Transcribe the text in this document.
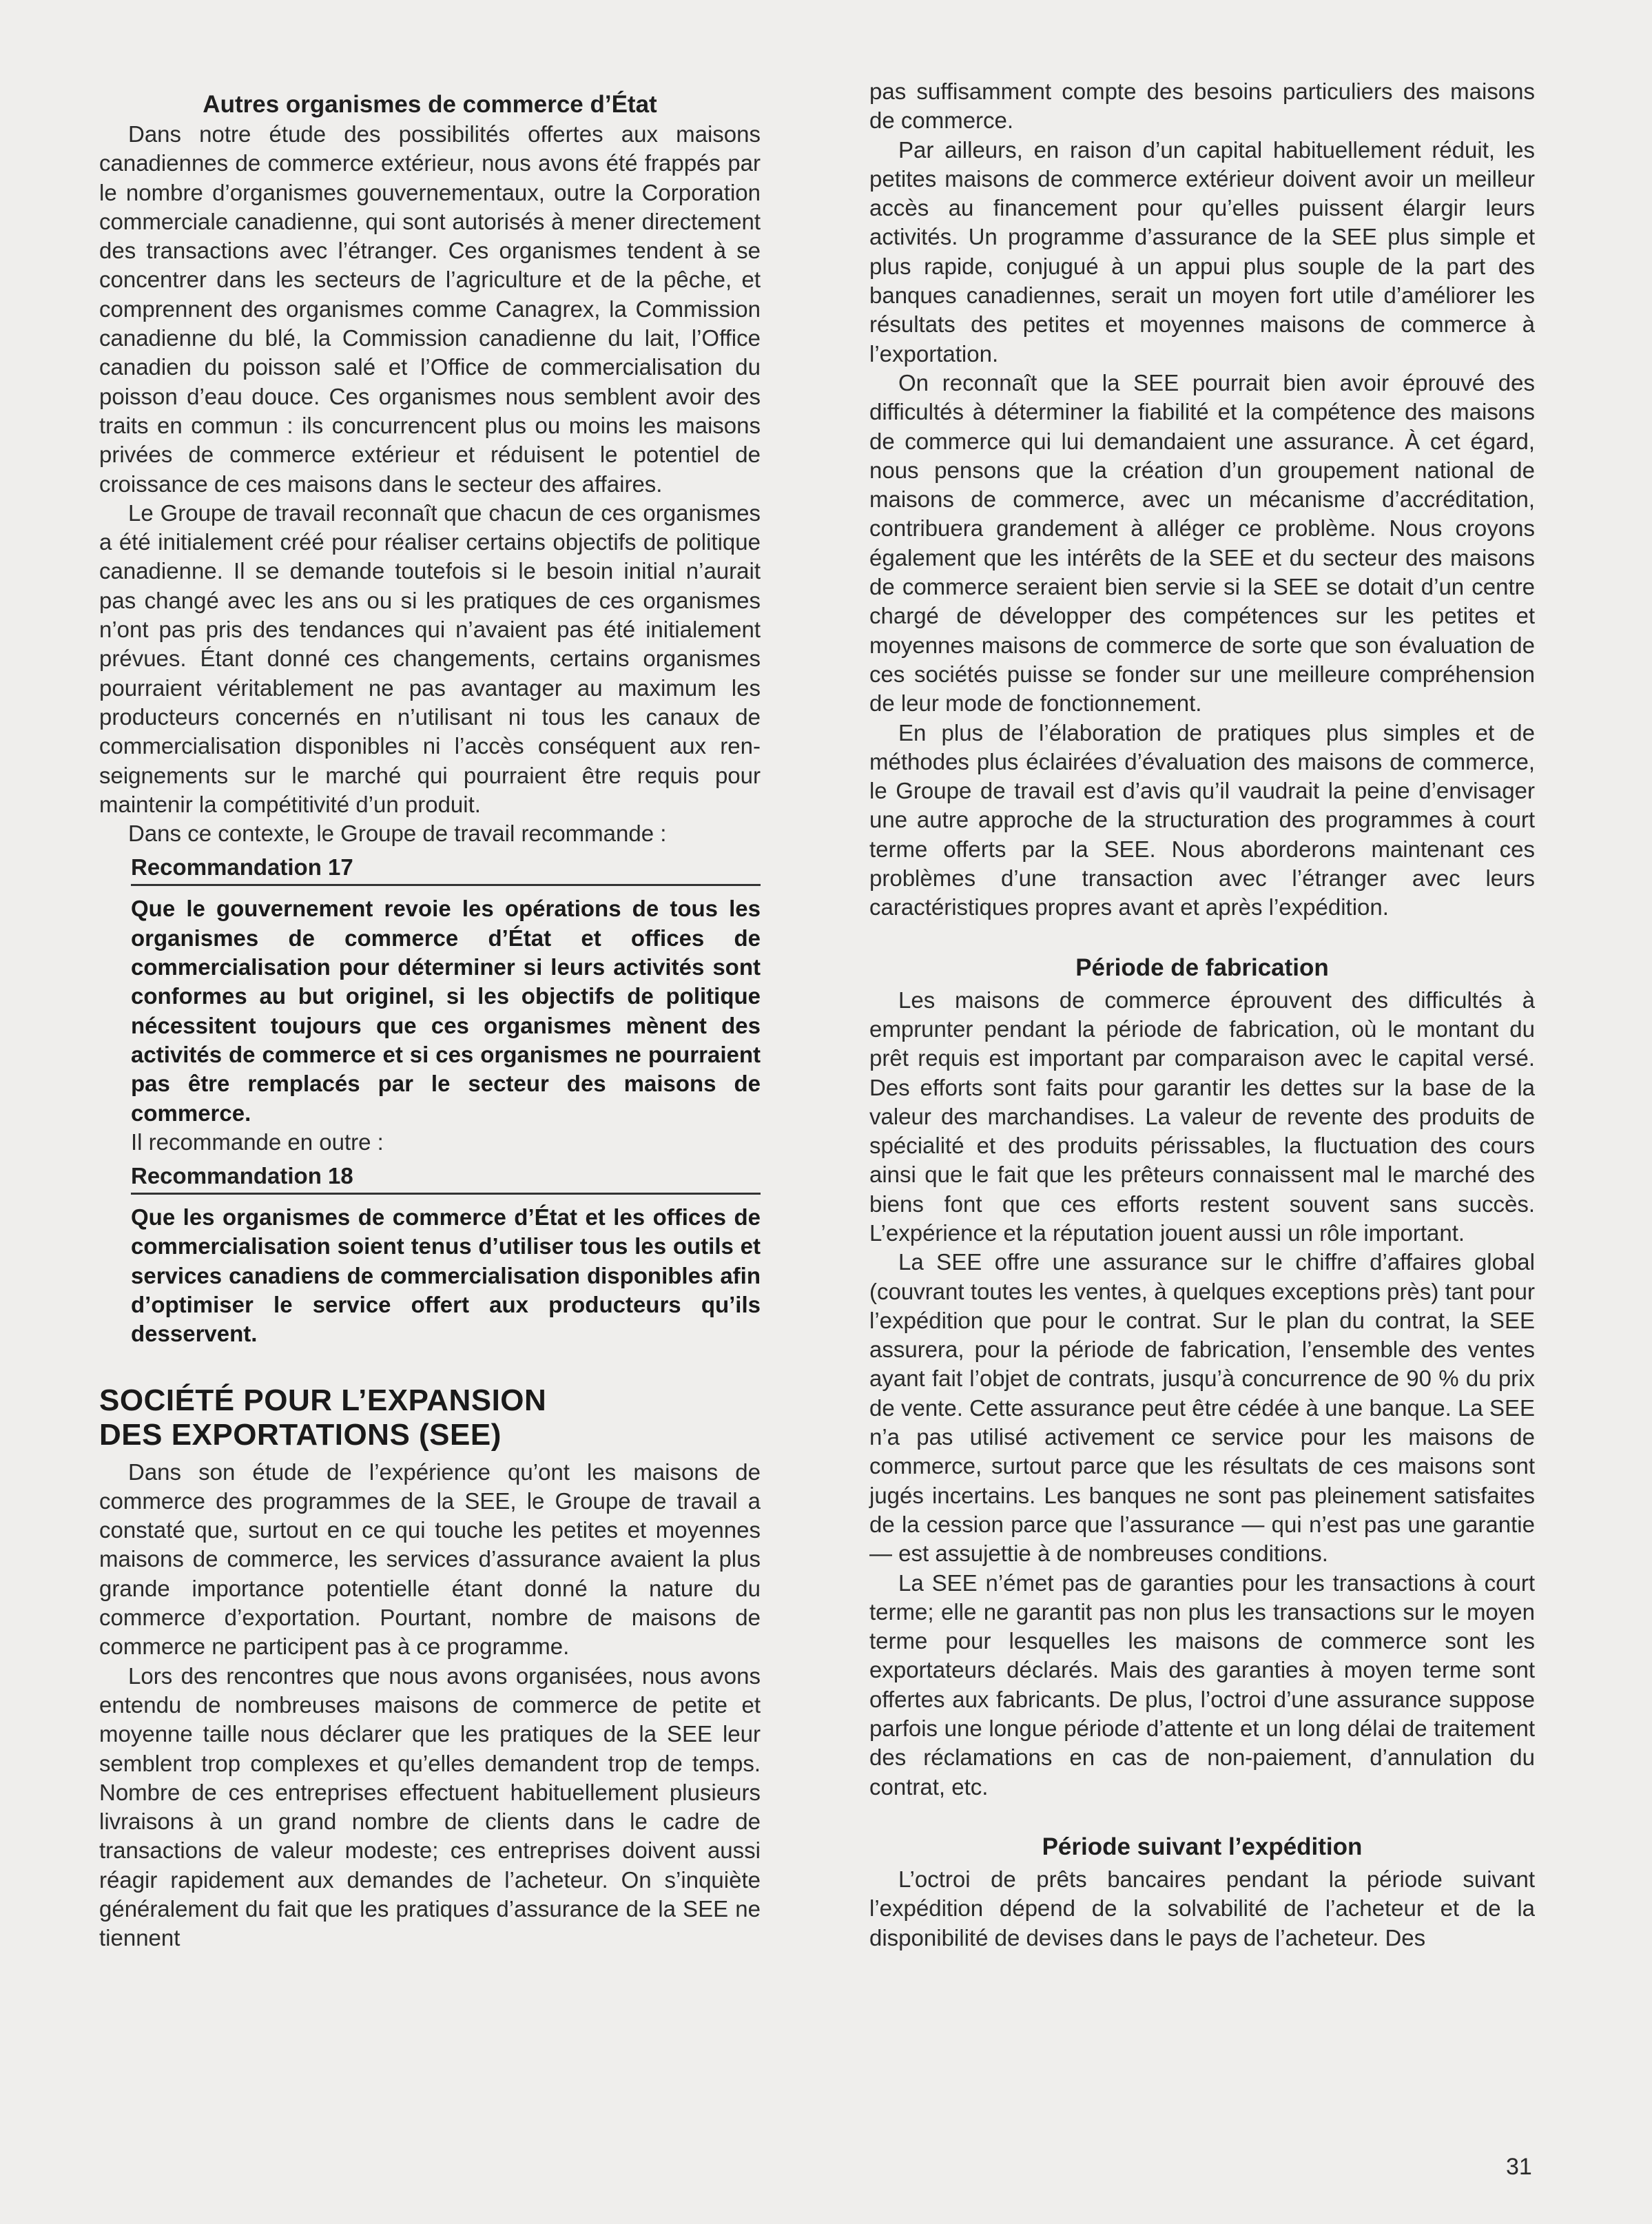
Autres organismes de commerce d’État

Dans notre étude des possibilités offertes aux maisons canadiennes de commerce extérieur, nous avons été frappés par le nombre d’organismes gouvernementaux, outre la Corporation commerciale canadienne, qui sont autorisés à mener directement des transactions avec l’étranger. Ces organismes tendent à se concentrer dans les secteurs de l’agriculture et de la pêche, et comprennent des organismes comme Canagrex, la Commission canadienne du blé, la Commission canadienne du lait, l’Office canadien du poisson salé et l’Office de commercialisation du poisson d’eau douce. Ces organismes nous semblent avoir des traits en commun : ils concurrencent plus ou moins les maisons privées de commerce extérieur et réduisent le potentiel de croissance de ces maisons dans le secteur des affaires.

Le Groupe de travail reconnaît que chacun de ces organismes a été initialement créé pour réaliser certains objectifs de politique canadienne. Il se demande toutefois si le besoin initial n’aurait pas changé avec les ans ou si les pratiques de ces organismes n’ont pas pris des tendances qui n’avaient pas été initialement prévues. Étant donné ces changements, certains organismes pourraient véritablement ne pas avantager au maximum les producteurs concernés en n’utilisant ni tous les canaux de commercialisation disponibles ni l’accès conséquent aux renseignements sur le marché qui pourraient être requis pour maintenir la compétitivité d’un produit.

Dans ce contexte, le Groupe de travail recommande :

Recommandation 17
Que le gouvernement revoie les opérations de tous les organismes de commerce d’État et offices de commercialisation pour déterminer si leurs activités sont conformes au but originel, si les objectifs de politique nécessitent toujours que ces organismes mènent des activités de commerce et si ces organismes ne pourraient pas être remplacés par le secteur des maisons de commerce.

Il recommande en outre :

Recommandation 18
Que les organismes de commerce d’État et les offices de commercialisation soient tenus d’utiliser tous les outils et services canadiens de commercialisation disponibles afin d’optimiser le service offert aux producteurs qu’ils desservent.
SOCIÉTÉ POUR L’EXPANSION
DES EXPORTATIONS (SEE)

Dans son étude de l’expérience qu’ont les maisons de commerce des programmes de la SEE, le Groupe de travail a constaté que, surtout en ce qui touche les petites et moyennes maisons de commerce, les services d’assurance avaient la plus grande importance potentielle étant donné la nature du commerce d’exportation. Pourtant, nombre de maisons de commerce ne participent pas à ce programme.

Lors des rencontres que nous avons organisées, nous avons entendu de nombreuses maisons de commerce de petite et moyenne taille nous déclarer que les pratiques de la SEE leur semblent trop complexes et qu’elles demandent trop de temps. Nombre de ces entreprises effectuent habituellement plusieurs livraisons à un grand nombre de clients dans le cadre de transactions de valeur modeste; ces entreprises doivent aussi réagir rapidement aux demandes de l’acheteur. On s’inquiète généralement du fait que les pratiques d’assurance de la SEE ne tiennent

pas suffisamment compte des besoins particuliers des maisons de commerce.

Par ailleurs, en raison d’un capital habituellement réduit, les petites maisons de commerce extérieur doivent avoir un meilleur accès au financement pour qu’elles puissent élargir leurs activités. Un programme d’assurance de la SEE plus simple et plus rapide, conjugué à un appui plus souple de la part des banques canadiennes, serait un moyen fort utile d’améliorer les résultats des petites et moyennes maisons de commerce à l’exportation.

On reconnaît que la SEE pourrait bien avoir éprouvé des difficultés à déterminer la fiabilité et la compétence des maisons de commerce qui lui demandaient une assurance. À cet égard, nous pensons que la création d’un groupement national de maisons de commerce, avec un mécanisme d’accréditation, contribuera grandement à alléger ce problème. Nous croyons également que les intérêts de la SEE et du secteur des maisons de commerce seraient bien servie si la SEE se dotait d’un centre chargé de développer des compétences sur les petites et moyennes maisons de commerce de sorte que son évaluation de ces sociétés puisse se fonder sur une meilleure compréhension de leur mode de fonctionnement.

En plus de l’élaboration de pratiques plus simples et de méthodes plus éclairées d’évaluation des maisons de commerce, le Groupe de travail est d’avis qu’il vaudrait la peine d’envisager une autre approche de la structuration des programmes à court terme offerts par la SEE. Nous aborderons maintenant ces problèmes d’une transaction avec l’étranger avec leurs caractéristiques propres avant et après l’expédition.

Période de fabrication

Les maisons de commerce éprouvent des difficultés à emprunter pendant la période de fabrication, où le montant du prêt requis est important par comparaison avec le capital versé. Des efforts sont faits pour garantir les dettes sur la base de la valeur des marchandises. La valeur de revente des produits de spécialité et des produits périssables, la fluctuation des cours ainsi que le fait que les prêteurs connaissent mal le marché des biens font que ces efforts restent souvent sans succès. L’expérience et la réputation jouent aussi un rôle important.

La SEE offre une assurance sur le chiffre d’affaires global (couvrant toutes les ventes, à quelques exceptions près) tant pour l’expédition que pour le contrat. Sur le plan du contrat, la SEE assurera, pour la période de fabrication, l’ensemble des ventes ayant fait l’objet de contrats, jusqu’à concurrence de 90 % du prix de vente. Cette assurance peut être cédée à une banque. La SEE n’a pas utilisé activement ce service pour les maisons de commerce, surtout parce que les résultats de ces maisons sont jugés incertains. Les banques ne sont pas pleinement satisfaites de la cession parce que l’assurance — qui n’est pas une garantie — est assujettie à de nombreuses conditions.

La SEE n’émet pas de garanties pour les transactions à court terme; elle ne garantit pas non plus les transactions sur le moyen terme pour lesquelles les maisons de commerce sont les exportateurs déclarés. Mais des garanties à moyen terme sont offertes aux fabricants. De plus, l’octroi d’une assurance suppose parfois une longue période d’attente et un long délai de traitement des réclamations en cas de non-paiement, d’annulation du contrat, etc.

Période suivant l’expédition

L’octroi de prêts bancaires pendant la période suivant l’expédition dépend de la solvabilité de l’acheteur et de la disponibilité de devises dans le pays de l’acheteur. Des

31
